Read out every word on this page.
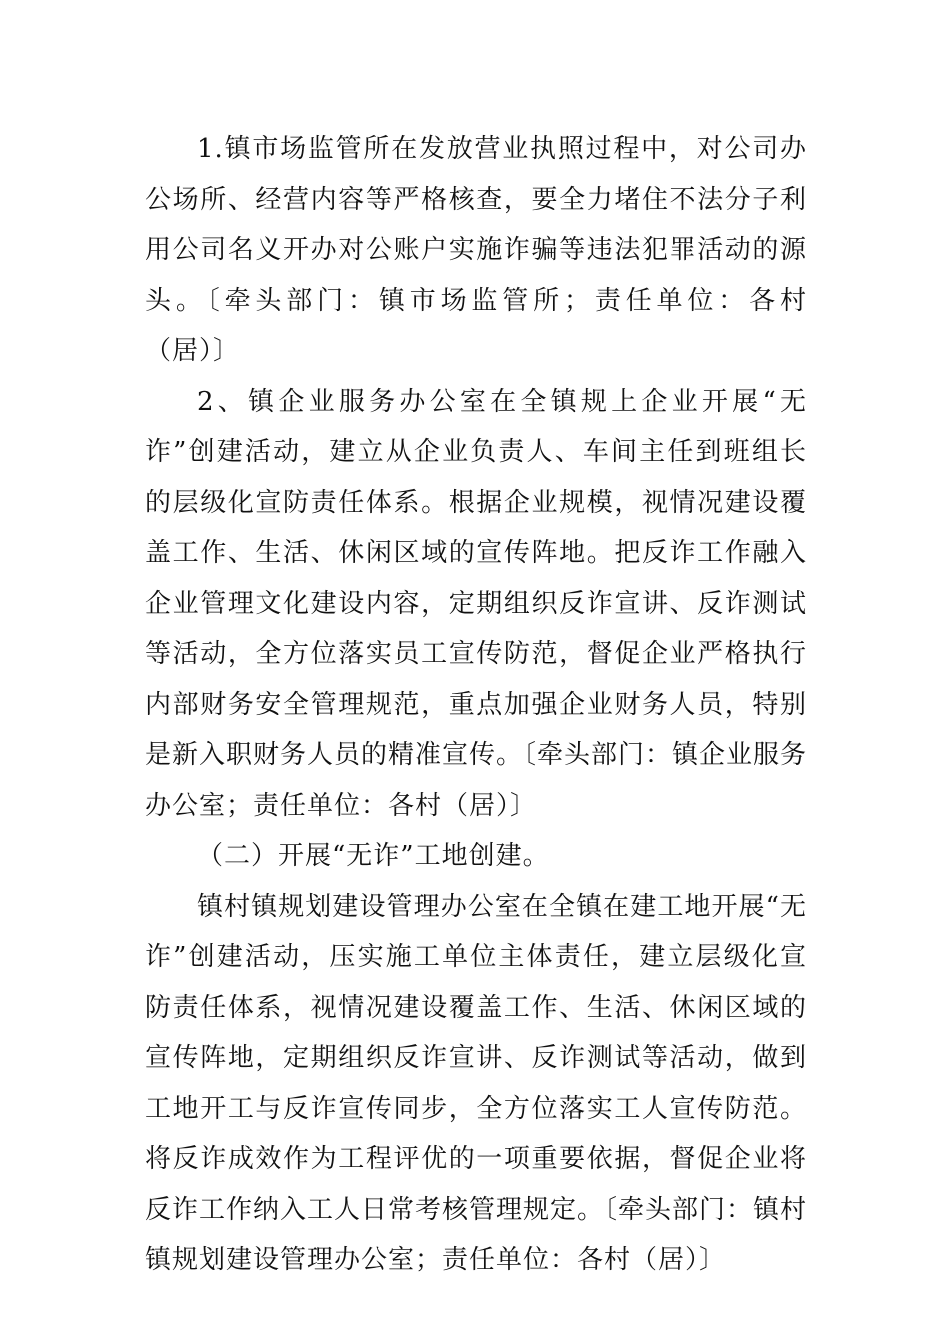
1.镇市场监管所在发放营业执照过程中，对公司办公场所、经营内容等严格核查，要全力堵住不法分子利用公司名义开办对公账户实施诈骗等违法犯罪活动的源头。〔牵头部门：镇市场监管所；责任单位：各村（居）〕

2、镇企业服务办公室在全镇规上企业开展“无诈”创建活动，建立从企业负责人、车间主任到班组长的层级化宣防责任体系。根据企业规模，视情况建设覆盖工作、生活、休闲区域的宣传阵地。把反诈工作融入企业管理文化建设内容，定期组织反诈宣讲、反诈测试等活动，全方位落实员工宣传防范，督促企业严格执行内部财务安全管理规范，重点加强企业财务人员，特别是新入职财务人员的精准宣传。〔牵头部门：镇企业服务办公室；责任单位：各村（居）〕

（二）开展“无诈”工地创建。

镇村镇规划建设管理办公室在全镇在建工地开展“无诈”创建活动，压实施工单位主体责任，建立层级化宣防责任体系，视情况建设覆盖工作、生活、休闲区域的宣传阵地，定期组织反诈宣讲、反诈测试等活动，做到工地开工与反诈宣传同步，全方位落实工人宣传防范。将反诈成效作为工程评优的一项重要依据，督促企业将反诈工作纳入工人日常考核管理规定。〔牵头部门：镇村镇规划建设管理办公室；责任单位：各村（居）〕
